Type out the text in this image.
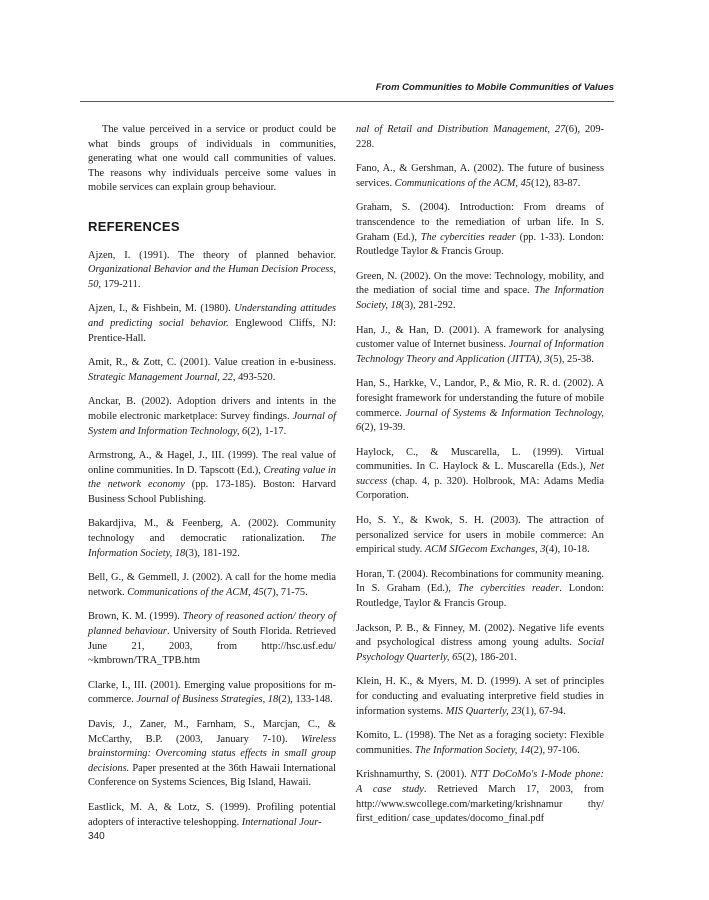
From Communities to Mobile Communities of Values

The value perceived in a service or product could be what binds groups of individuals in communities, generating what one would call communities of values. The reasons why individuals perceive some values in mobile services can explain group behaviour.

REFERENCES

Ajzen, I. (1991). The theory of planned behavior. Organizational Behavior and the Human Decision Process, 50, 179-211.

Ajzen, I., & Fishbein, M. (1980). Understanding attitudes and predicting social behavior. Englewood Cliffs, NJ: Prentice-Hall.

Amit, R., & Zott, C. (2001). Value creation in e-business. Strategic Management Journal, 22, 493-520.

Anckar, B. (2002). Adoption drivers and intents in the mobile electronic marketplace: Survey findings. Journal of System and Information Technology, 6(2), 1-17.

Armstrong, A., & Hagel, J., III. (1999). The real value of online communities. In D. Tapscott (Ed.), Creating value in the network economy (pp. 173-185). Boston: Harvard Business School Publishing.

Bakardjiva, M., & Feenberg, A. (2002). Community technology and democratic rationalization. The Information Society, 18(3), 181-192.

Bell, G., & Gemmell, J. (2002). A call for the home media network. Communications of the ACM, 45(7), 71-75.

Brown, K. M. (1999). Theory of reasoned action/ theory of planned behaviour. University of South Florida. Retrieved June 21, 2003, from http://hsc.usf.edu/ ~kmbrown/TRA_TPB.htm

Clarke, I., III. (2001). Emerging value propositions for m-commerce. Journal of Business Strategies, 18(2), 133-148.

Davis, J., Zaner, M., Farnham, S., Marcjan, C., & McCarthy, B.P. (2003, January 7-10). Wireless brainstorming: Overcoming status effects in small group decisions. Paper presented at the 36th Hawaii International Conference on Systems Sciences, Big Island, Hawaii.

Eastlick, M. A, & Lotz, S. (1999). Profiling potential adopters of interactive teleshopping. International Jour-

nal of Retail and Distribution Management, 27(6), 209-228.

Fano, A., & Gershman, A. (2002). The future of business services. Communications of the ACM, 45(12), 83-87.

Graham, S. (2004). Introduction: From dreams of transcendence to the remediation of urban life. In S. Graham (Ed.), The cybercities reader (pp. 1-33). London: Routledge Taylor & Francis Group.

Green, N. (2002). On the move: Technology, mobility, and the mediation of social time and space. The Information Society, 18(3), 281-292.

Han, J., & Han, D. (2001). A framework for analysing customer value of Internet business. Journal of Information Technology Theory and Application (JITTA), 3(5), 25-38.

Han, S., Harkke, V., Landor, P., & Mio, R. R. d. (2002). A foresight framework for understanding the future of mobile commerce. Journal of Systems & Information Technology, 6(2), 19-39.

Haylock, C., & Muscarella, L. (1999). Virtual communities. In C. Haylock & L. Muscarella (Eds.), Net success (chap. 4, p. 320). Holbrook, MA: Adams Media Corporation.

Ho, S. Y., & Kwok, S. H. (2003). The attraction of personalized service for users in mobile commerce: An empirical study. ACM SIGecom Exchanges, 3(4), 10-18.

Horan, T. (2004). Recombinations for community meaning. In S. Graham (Ed.), The cybercities reader. London: Routledge, Taylor & Francis Group.

Jackson, P. B., & Finney, M. (2002). Negative life events and psychological distress among young adults. Social Psychology Quarterly, 65(2), 186-201.

Klein, H. K., & Myers, M. D. (1999). A set of principles for conducting and evaluating interpretive field studies in information systems. MIS Quarterly, 23(1), 67-94.

Komito, L. (1998). The Net as a foraging society: Flexible communities. The Information Society, 14(2), 97-106.

Krishnamurthy, S. (2001). NTT DoCoMo's I-Mode phone: A case study. Retrieved March 17, 2003, from http://www.swcollege.com/marketing/krishnamur thy/ first_edition/ case_updates/docomo_final.pdf

340
